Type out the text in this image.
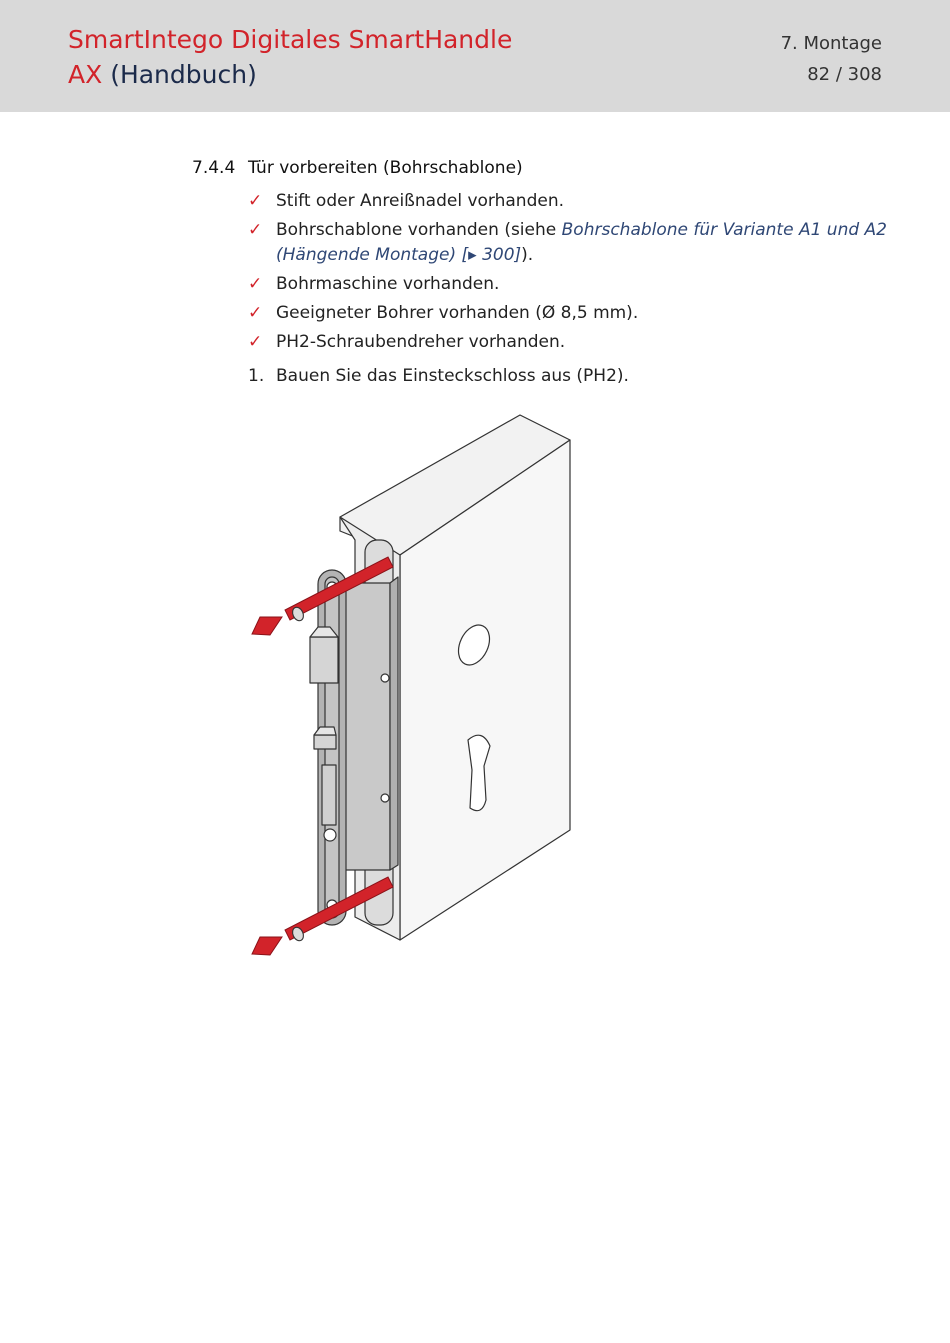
SmartIntego Digitales SmartHandle
AX (Handbuch)
7. Montage
82 / 308
7.4.4 Tür vorbereiten (Bohrschablone)
✓ Stift oder Anreißnadel vorhanden.
✓ Bohrschablone vorhanden (siehe Bohrschablone für Variante A1 und A2 (Hängende Montage) [▸ 300]).
✓ Bohrmaschine vorhanden.
✓ Geeigneter Bohrer vorhanden (Ø 8,5 mm).
✓ PH2-Schraubendreher vorhanden.
1. Bauen Sie das Einsteckschloss aus (PH2).
